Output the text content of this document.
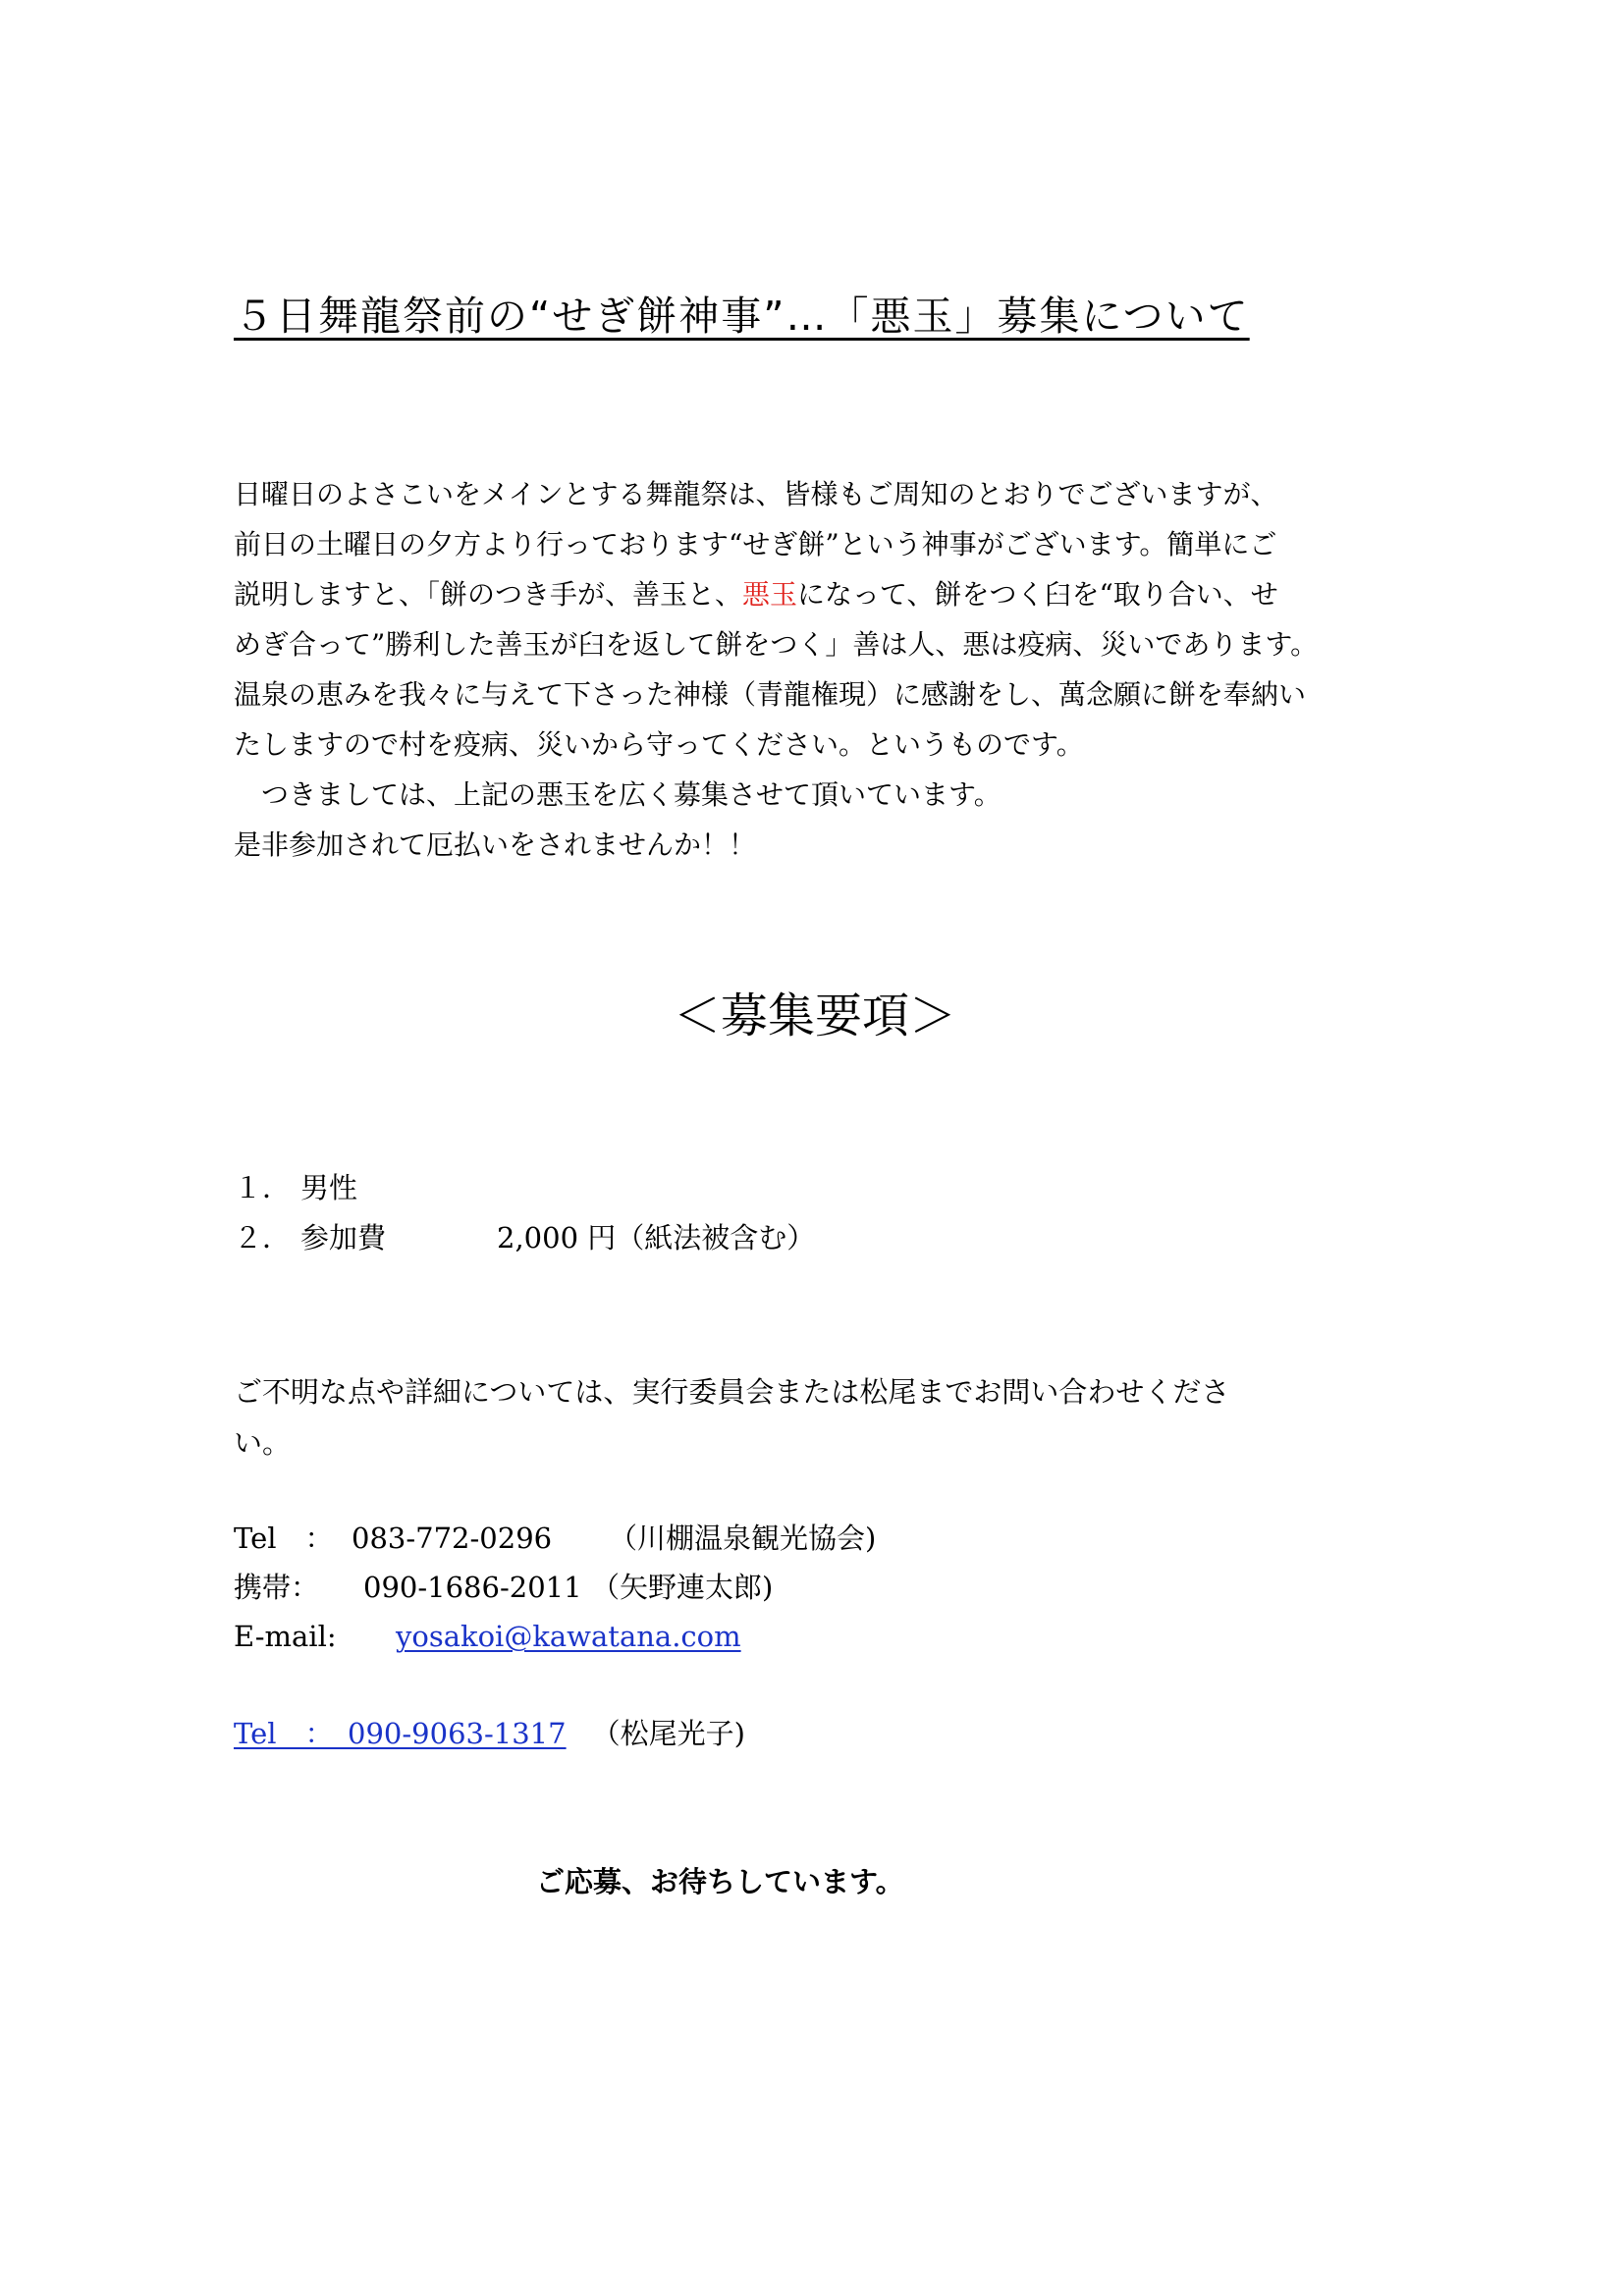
５日舞龍祭前の“せぎ餅神事”…「悪玉」募集について
日曜日のよさこいをメインとする舞龍祭は、皆様もご周知のとおりでございますが、
前日の土曜日の夕方より行っております“せぎ餅”という神事がございます。簡単にご
説明しますと、「餅のつき手が、善玉と、悪玉になって、餅をつく臼を“取り合い、せ
めぎ合って”勝利した善玉が臼を返して餅をつく」善は人、悪は疫病、災いであります。
温泉の恵みを我々に与えて下さった神様（青龍権現）に感謝をし、萬念願に餅を奉納い
たしますので村を疫病、災いから守ってください。というものです。
　つきましては、上記の悪玉を広く募集させて頂いています。
是非参加されて厄払いをされませんか！！
＜募集要項＞
１． 男性
２． 参加費	2,000 円（紙法被含む）
ご不明な点や詳細については、実行委員会または松尾までお問い合わせくださ
い。
Tel　： 083-772-0296 （川棚温泉観光協会)
携帯： 090-1686-2011 （矢野連太郎)
E-mail: yosakoi@kawatana.com
Tel　：　090-9063-1317 （松尾光子)
ご応募、お待ちしています。
